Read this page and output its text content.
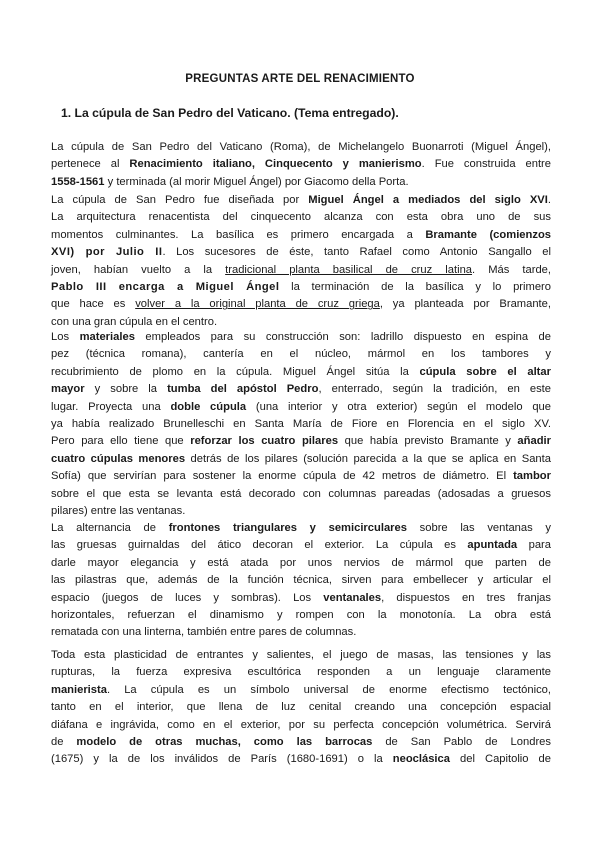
PREGUNTAS ARTE DEL RENACIMIENTO
1. La cúpula de San Pedro del Vaticano. (Tema entregado).
La cúpula de San Pedro del Vaticano (Roma), de Michelangelo Buonarroti (Miguel Ángel),
pertenece al Renacimiento italiano, Cinquecento y manierismo. Fue construida entre
1558-1561 y terminada (al morir Miguel Ángel) por Giacomo della Porta.
La cúpula de San Pedro fue diseñada por Miguel Ángel a mediados del siglo XVI.
La arquitectura renacentista del cinquecento alcanza con esta obra uno de sus
momentos culminantes. La basílica es primero encargada a Bramante (comienzos
XVI) por Julio II. Los sucesores de éste, tanto Rafael como Antonio Sangallo el
joven, habían vuelto a la tradicional planta basilical de cruz latina. Más tarde,
Pablo III encarga a Miguel Ángel la terminación de la basílica y lo primero
que hace es volver a la original planta de cruz griega, ya planteada por Bramante,
con una gran cúpula en el centro.
Los materiales empleados para su construcción son: ladrillo dispuesto en espina de
pez (técnica romana), cantería en el núcleo, mármol en los tambores y
recubrimiento de plomo en la cúpula. Miguel Ángel sitúa la cúpula sobre el altar
mayor y sobre la tumba del apóstol Pedro, enterrado, según la tradición, en este
lugar. Proyecta una doble cúpula (una interior y otra exterior) según el modelo que
ya había realizado Brunelleschi en Santa María de Fiore en Florencia en el siglo XV.
Pero para ello tiene que reforzar los cuatro pilares que había previsto Bramante y añadir
cuatro cúpulas menores detrás de los pilares (solución parecida a la que se aplica en Santa
Sofía) que servirían para sostener la enorme cúpula de 42 metros de diámetro. El tambor
sobre el que esta se levanta está decorado con columnas pareadas (adosadas a gruesos
pilares) entre las ventanas.
La alternancia de frontones triangulares y semicirculares sobre las ventanas y
las gruesas guirnaldas del ático decoran el exterior. La cúpula es apuntada para
darle mayor elegancia y está atada por unos nervios de mármol que parten de
las pilastras que, además de la función técnica, sirven para embellecer y articular el
espacio (juegos de luces y sombras). Los ventanales, dispuestos en tres franjas
horizontales, refuerzan el dinamismo y rompen con la monotonía. La obra está
rematada con una linterna, también entre pares de columnas.
Toda esta plasticidad de entrantes y salientes, el juego de masas, las tensiones y las
rupturas, la fuerza expresiva escultórica responden a un lenguaje claramente
manierista. La cúpula es un símbolo universal de enorme efectismo tectónico,
tanto en el interior, que llena de luz cenital creando una concepción espacial
diáfana e ingrávida, como en el exterior, por su perfecta concepción volumétrica. Servirá
de modelo de otras muchas, como las barrocas de San Pablo de Londres
(1675) y la de los inválidos de París (1680-1691) o la neoclásica del Capitolio de
